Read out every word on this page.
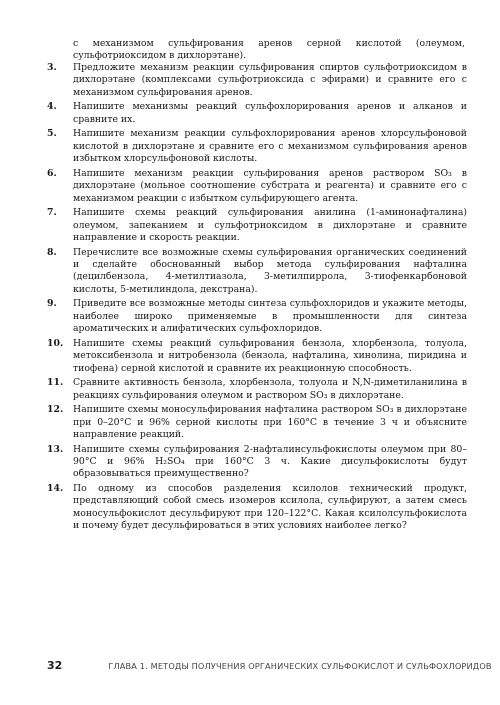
с механизмом сульфирования аренов серной кислотой (олеумом, сульфотриоксидом в дихлорэтане).

3. Предложите механизм реакции сульфирования спиртов сульфотриоксидом в дихлорэтане (комплексами сульфотриоксида с эфирами) и сравните его с механизмом сульфирования аренов.
4. Напишите механизмы реакций сульфохлорирования аренов и алканов и сравните их.
5. Напишите механизм реакции сульфохлорирования аренов хлорсульфоновой кислотой в дихлорэтане и сравните его с механизмом сульфирования аренов избытком хлорсульфоновой кислоты.
6. Напишите механизм реакции сульфирования аренов раствором SO₃ в дихлорэтане (мольное соотношение субстрата и реагента) и сравните его с механизмом реакции с избытком сульфирующего агента.
7. Напишите схемы реакций сульфирования анилина (1-аминонафталина) олеумом, запеканием и сульфотриоксидом в дихлорэтане и сравните направление и скорость реакции.
8. Перечислите все возможные схемы сульфирования органических соединений и сделайте обоснованный выбор метода сульфирования нафталина (децилбензола, 4-метилтиазола, 3-метилпиррола, 3-тиофенкарбоновой кислоты, 5-метилиндола, декстрана).
9. Приведите все возможные методы синтеза сульфохлоридов и укажите методы, наиболее широко применяемые в промышленности для синтеза ароматических и алифатических сульфохлоридов.
10. Напишите схемы реакций сульфирования бензола, хлорбензола, толуола, метоксибензола и нитробензола (бензола, нафталина, хинолина, пиридина и тиофена) серной кислотой и сравните их реакционную способность.
11. Сравните активность бензола, хлорбензола, толуола и N,N-диметиланилина в реакциях сульфирования олеумом и раствором SO₃ в дихлорэтане.
12. Напишите схемы моносульфирования нафталина раствором SO₃ в дихлорэтане при 0–20°С и 96% серной кислоты при 160°С в течение 3 ч и объясните направление реакций.
13. Напишите схемы сульфирования 2-нафталинсульфокислоты олеумом при 80–90°С и 96% H₂SO₄ при 160°С 3 ч. Какие дисульфокислоты будут образовываться преимущественно?
14. По одному из способов разделения ксилолов технический продукт, представляющий собой смесь изомеров ксилола, сульфируют, а затем смесь моносульфокислот десульфируют при 120–122°С. Какая ксилолсульфокислота и почему будет десульфироваться в этих условиях наиболее легко?
32	ГЛАВА 1. МЕТОДЫ ПОЛУЧЕНИЯ ОРГАНИЧЕСКИХ СУЛЬФОКИСЛОТ И СУЛЬФОХЛОРИДОВ
